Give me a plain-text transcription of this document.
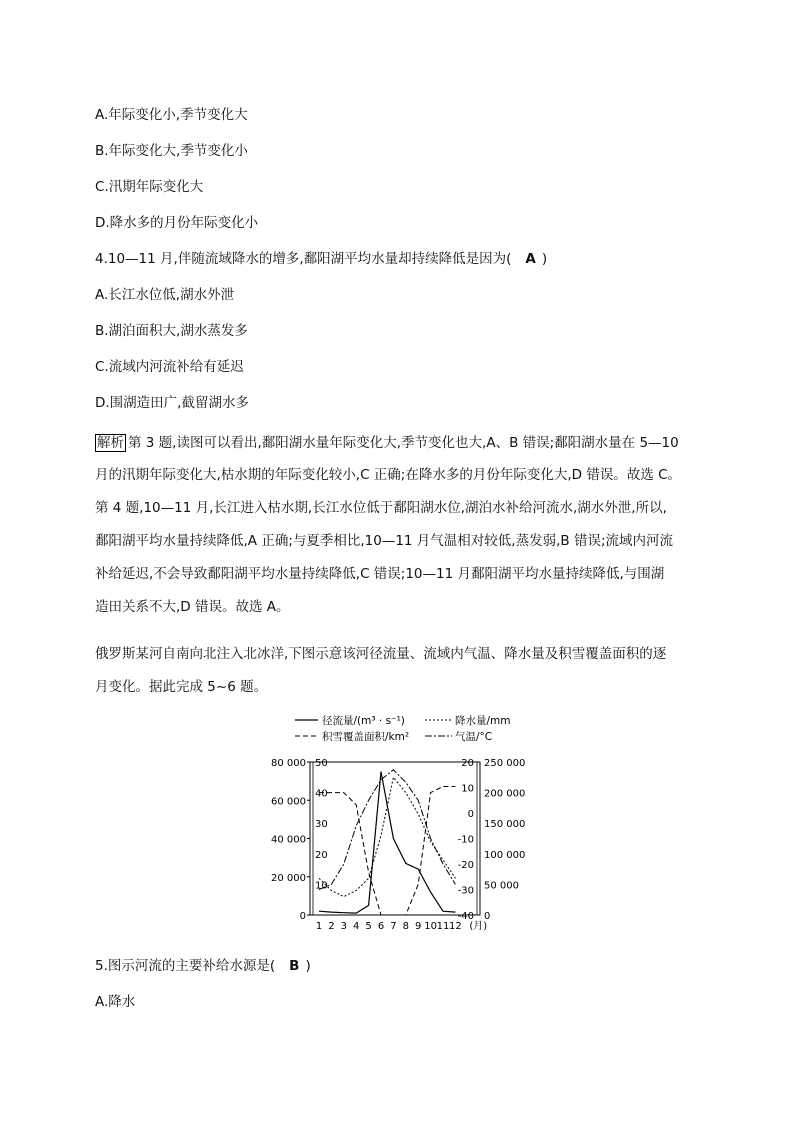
A.年际变化小,季节变化大
B.年际变化大,季节变化小
C.汛期年际变化大
D.降水多的月份年际变化小
4.10—11 月,伴随流域降水的增多,鄱阳湖平均水量却持续降低是因为( A )
A.长江水位低,湖水外泄
B.湖泊面积大,湖水蒸发多
C.流域内河流补给有延迟
D.围湖造田广,截留湖水多
解析 第 3 题,读图可以看出,鄱阳湖水量年际变化大,季节变化也大,A、B 错误;鄱阳湖水量在 5—10
月的汛期年际变化大,枯水期的年际变化较小,C 正确;在降水多的月份年际变化大,D 错误。故选 C。
第 4 题,10—11 月,长江进入枯水期,长江水位低于鄱阳湖水位,湖泊水补给河流水,湖水外泄,所以,
鄱阳湖平均水量持续降低,A 正确;与夏季相比,10—11 月气温相对较低,蒸发弱,B 错误;流域内河流
补给延迟,不会导致鄱阳湖平均水量持续降低,C 错误;10—11 月鄱阳湖平均水量持续降低,与围湖
造田关系不大,D 错误。故选 A。
俄罗斯某河自南向北注入北冰洋,下图示意该河径流量、流域内气温、降水量及积雪覆盖面积的逐
月变化。据此完成 5~6 题。
径流量/(m³ · s⁻¹)	降水量/mm
积雪覆盖面积/km²	气温/°C
80 000
60 000
40 000
20 000
0
50
40
30
20
10
20
10
0
-10
-20
-30
-40
250 000
200 000
150 000
100 000
50 000
0
1 2 3 4 5 6 7 8 9 10 11 12 (月)
5.图示河流的主要补给水源是( B )
A.降水
